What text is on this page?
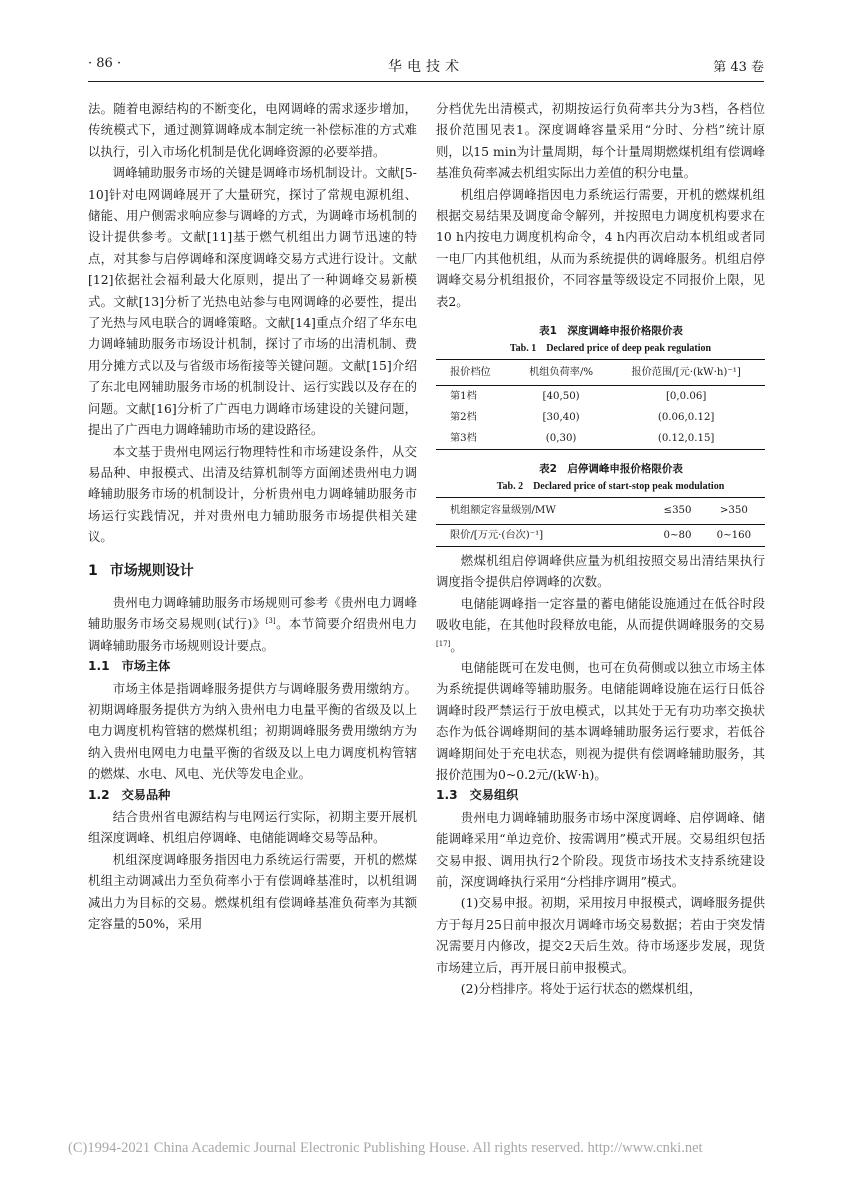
· 86 ·	华电技术	第 43 卷

法。随着电源结构的不断变化，电网调峰的需求逐步增加，传统模式下，通过测算调峰成本制定统一补偿标准的方式难以执行，引入市场化机制是优化调峰资源的必要举措。

调峰辅助服务市场的关键是调峰市场机制设计。文献[5-10]针对电网调峰展开了大量研究，探讨了常规电源机组、储能、用户侧需求响应参与调峰的方式，为调峰市场机制的设计提供参考。文献[11]基于燃气机组出力调节迅速的特点，对其参与启停调峰和深度调峰交易方式进行设计。文献[12]依据社会福利最大化原则，提出了一种调峰交易新模式。文献[13]分析了光热电站参与电网调峰的必要性，提出了光热与风电联合的调峰策略。文献[14]重点介绍了华东电力调峰辅助服务市场设计机制，探讨了市场的出清机制、费用分摊方式以及与省级市场衔接等关键问题。文献[15]介绍了东北电网辅助服务市场的机制设计、运行实践以及存在的问题。文献[16]分析了广西电力调峰市场建设的关键问题，提出了广西电力调峰辅助市场的建设路径。

本文基于贵州电网运行物理特性和市场建设条件，从交易品种、申报模式、出清及结算机制等方面阐述贵州电力调峰辅助服务市场的机制设计，分析贵州电力调峰辅助服务市场运行实践情况，并对贵州电力辅助服务市场提供相关建议。

1 市场规则设计

贵州电力调峰辅助服务市场规则可参考《贵州电力调峰辅助服务市场交易规则(试行)》[3]。本节简要介绍贵州电力调峰辅助服务市场规则设计要点。

1.1 市场主体

市场主体是指调峰服务提供方与调峰服务费用缴纳方。初期调峰服务提供方为纳入贵州电力电量平衡的省级及以上电力调度机构管辖的燃煤机组；初期调峰服务费用缴纳方为纳入贵州电网电力电量平衡的省级及以上电力调度机构管辖的燃煤、水电、风电、光伏等发电企业。

1.2 交易品种

结合贵州省电源结构与电网运行实际，初期主要开展机组深度调峰、机组启停调峰、电储能调峰交易等品种。

机组深度调峰服务指因电力系统运行需要，开机的燃煤机组主动调减出力至负荷率小于有偿调峰基准时，以机组调减出力为目标的交易。燃煤机组有偿调峰基准负荷率为其额定容量的50%，采用

分档优先出清模式，初期按运行负荷率共分为3档，各档位报价范围见表1。深度调峰容量采用“分时、分档”统计原则，以15 min为计量周期，每个计量周期燃煤机组有偿调峰基准负荷率减去机组实际出力差值的积分电量。

机组启停调峰指因电力系统运行需要，开机的燃煤机组根据交易结果及调度命令解列，并按照电力调度机构要求在10 h内按电力调度机构命令，4 h内再次启动本机组或者同一电厂内其他机组，从而为系统提供的调峰服务。机组启停调峰交易分机组报价，不同容量等级设定不同报价上限，见表2。

表1　深度调峰申报价格限价表

Tab. 1　Declared price of deep peak regulation

报价档位	机组负荷率/%	报价范围/[元·(kW·h)⁻¹]
第1档	[40,50)	[0,0.06]
第2档	[30,40)	(0.06,0.12]
第3档	(0,30)	(0.12,0.15]

表2　启停调峰申报价格限价表

Tab. 2　Declared price of start-stop peak modulation

机组额定容量级别/MW	≤350	>350
限价/[万元·(台次)⁻¹]	0~80	0~160

燃煤机组启停调峰供应量为机组按照交易出清结果执行调度指令提供启停调峰的次数。

电储能调峰指一定容量的蓄电储能设施通过在低谷时段吸收电能，在其他时段释放电能，从而提供调峰服务的交易[17]。

电储能既可在发电侧，也可在负荷侧或以独立市场主体为系统提供调峰等辅助服务。电储能调峰设施在运行日低谷调峰时段严禁运行于放电模式，以其处于无有功功率交换状态作为低谷调峰期间的基本调峰辅助服务运行要求，若低谷调峰期间处于充电状态，则视为提供有偿调峰辅助服务，其报价范围为0~0.2元/(kW·h)。

1.3 交易组织

贵州电力调峰辅助服务市场中深度调峰、启停调峰、储能调峰采用“单边竞价、按需调用”模式开展。交易组织包括交易申报、调用执行2个阶段。现货市场技术支持系统建设前，深度调峰执行采用“分档排序调用”模式。

(1)交易申报。初期，采用按月申报模式，调峰服务提供方于每月25日前申报次月调峰市场交易数据；若由于突发情况需要月内修改，提交2天后生效。待市场逐步发展，现货市场建立后，再开展日前申报模式。

(2)分档排序。将处于运行状态的燃煤机组，

(C)1994-2021 China Academic Journal Electronic Publishing House. All rights reserved. http://www.cnki.net
